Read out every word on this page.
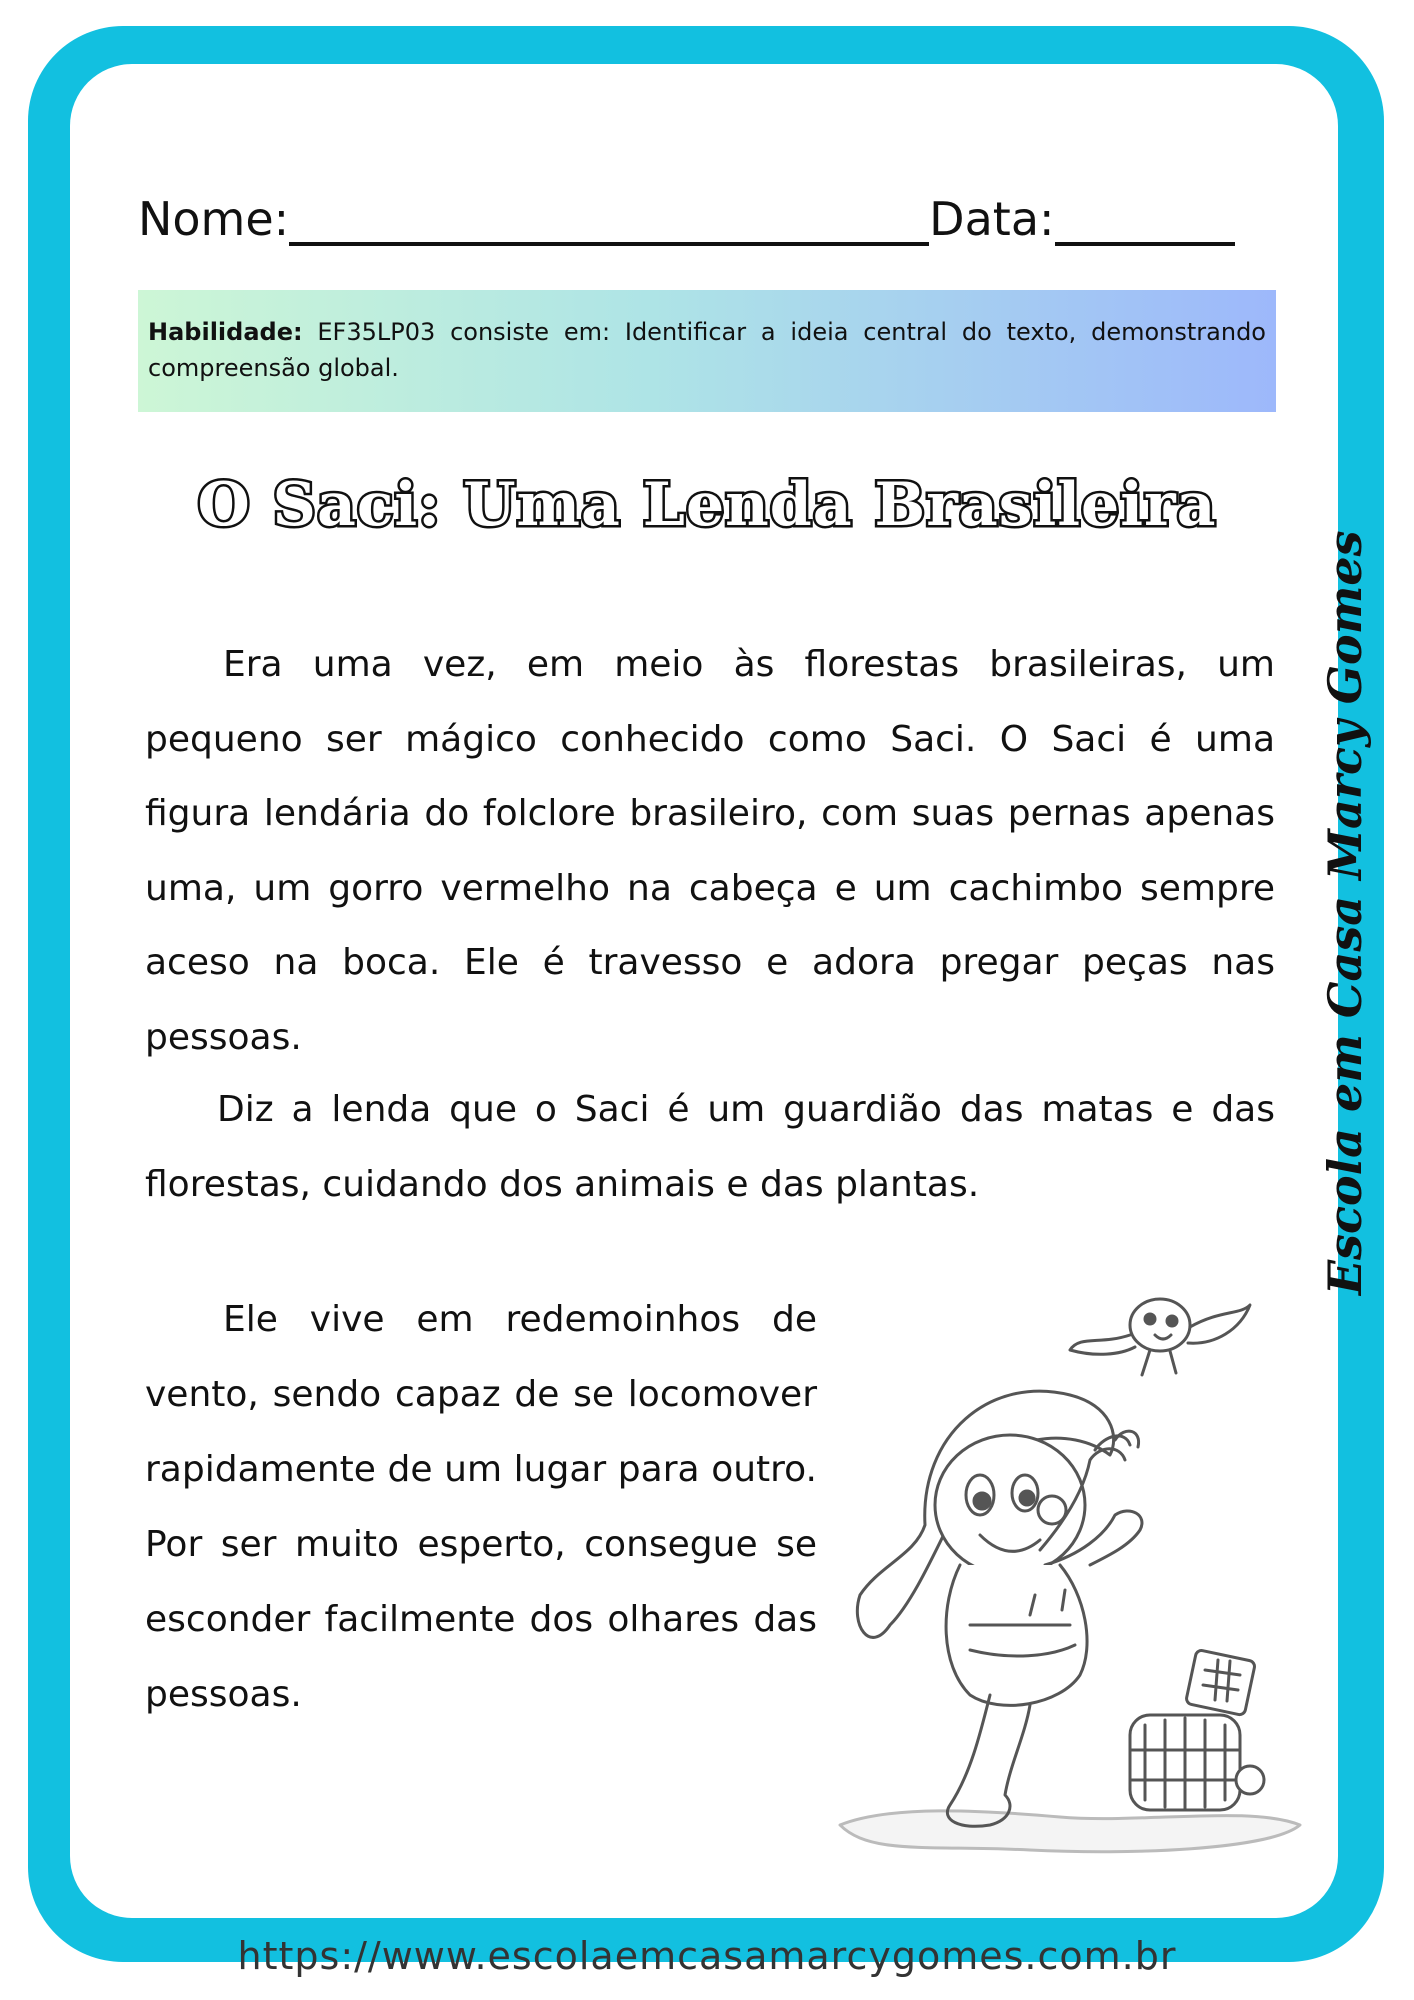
Nome:	Data:
Habilidade: EF35LP03 consiste em: Identificar a ideia central do texto, demonstrando compreensão global.
O Saci: Uma Lenda Brasileira

Era uma vez, em meio às florestas brasileiras, um pequeno ser mágico conhecido como Saci. O Saci é uma figura lendária do folclore brasileiro, com suas pernas apenas uma, um gorro vermelho na cabeça e um cachimbo sempre aceso na boca. Ele é travesso e adora pregar peças nas pessoas.

Diz a lenda que o Saci é um guardião das matas e das florestas, cuidando dos animais e das plantas.

Ele vive em redemoinhos de vento, sendo capaz de se locomover rapidamente de um lugar para outro. Por ser muito esperto, consegue se esconder facilmente dos olhares das pessoas.

Escola em Casa Marcy Gomes
https://www.escolaemcasamarcygomes.com.br
